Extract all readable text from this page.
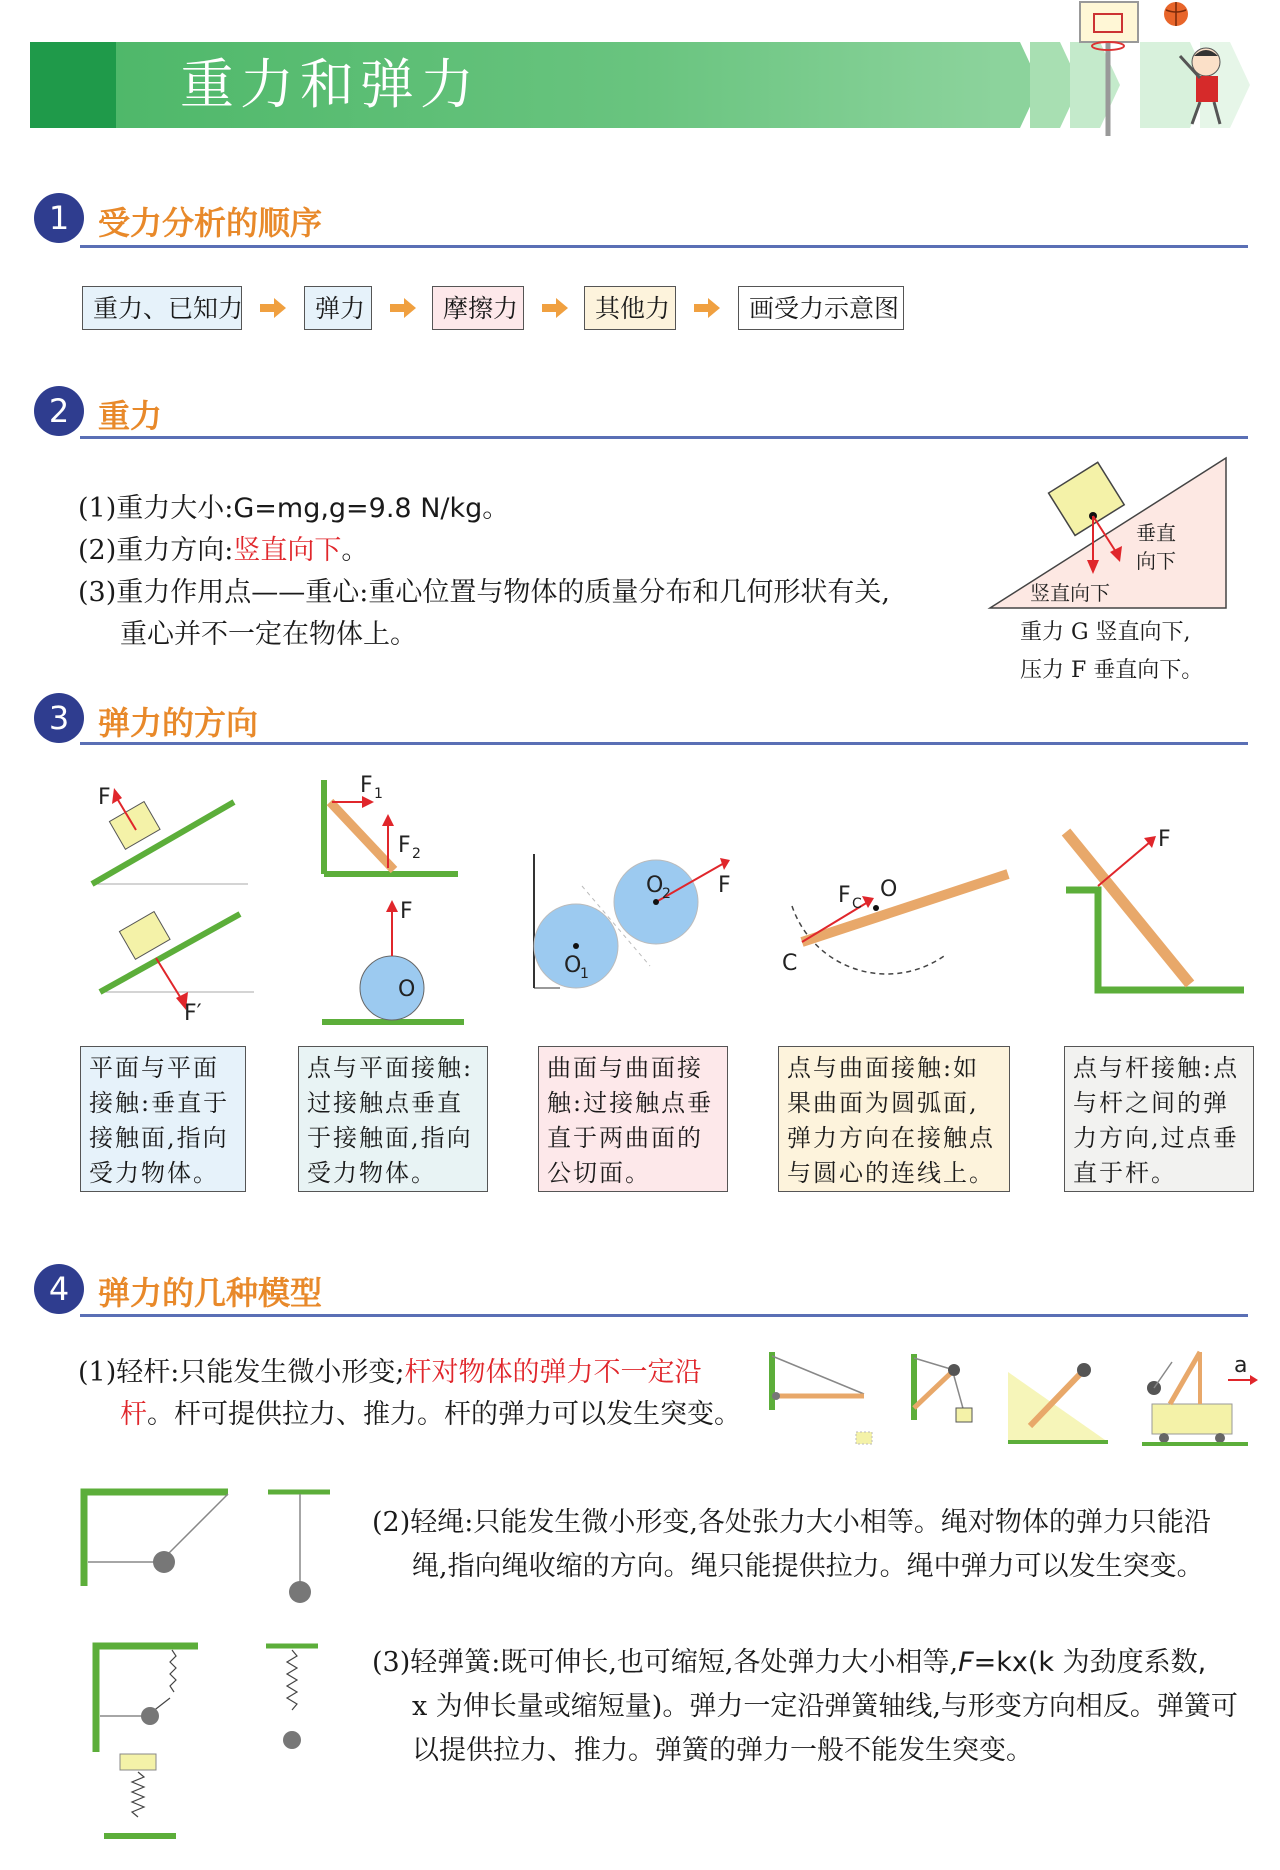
重力和弹力
1 受力分析的顺序
重力、已知力	弹力	摩擦力	其他力	画受力示意图
2 重力
(1)重力大小:G=mg,g=9.8 N/kg。
(2)重力方向:竖直向下。
(3)重力作用点——重心:重心位置与物体的质量分布和几何形状有关,
重心并不一定在物体上。
垂直
向下
竖直向下
重力 G 竖直向下,
压力 F 垂直向下。
3 弹力的方向
F
F′
F 1
F 2
F
O
O
1
O
2 F	F C
O
C
F
平面与平面接触:垂直于接触面,指向受力物体。
点与平面接触:过接触点垂直于接触面,指向受力物体。
曲面与曲面接触:过接触点垂直于两曲面的公切面。
点与曲面接触:如果曲面为圆弧面,弹力方向在接触点与圆心的连线上。
点与杆接触:点与杆之间的弹力方向,过点垂直于杆。
4 弹力的几种模型
(1)轻杆:只能发生微小形变;杆对物体的弹力不一定沿
杆。杆可提供拉力、推力。杆的弹力可以发生突变。
a
(2)轻绳:只能发生微小形变,各处张力大小相等。绳对物体的弹力只能沿
绳,指向绳收缩的方向。绳只能提供拉力。绳中弹力可以发生突变。
(3)轻弹簧:既可伸长,也可缩短,各处弹力大小相等,F=kx(k 为劲度系数,
x 为伸长量或缩短量)。弹力一定沿弹簧轴线,与形变方向相反。弹簧可
以提供拉力、推力。弹簧的弹力一般不能发生突变。
